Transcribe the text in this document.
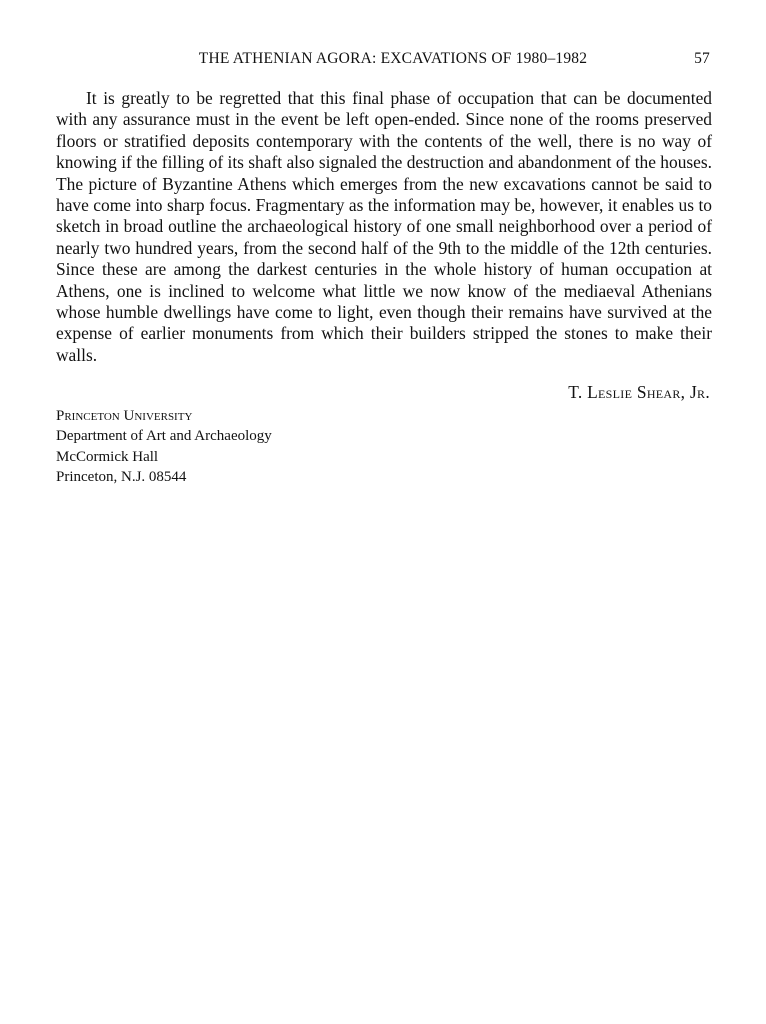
THE ATHENIAN AGORA: EXCAVATIONS OF 1980–1982	57

It is greatly to be regretted that this final phase of occupation that can be documented with any assurance must in the event be left open-ended. Since none of the rooms preserved floors or stratified deposits contemporary with the contents of the well, there is no way of knowing if the filling of its shaft also signaled the destruction and abandonment of the houses. The picture of Byzantine Athens which emerges from the new excavations cannot be said to have come into sharp focus. Fragmentary as the information may be, however, it enables us to sketch in broad outline the archaeological history of one small neighborhood over a period of nearly two hundred years, from the second half of the 9th to the middle of the 12th centuries. Since these are among the darkest centuries in the whole history of human occupation at Athens, one is inclined to welcome what little we now know of the mediaeval Athenians whose humble dwellings have come to light, even though their remains have survived at the expense of earlier monuments from which their builders stripped the stones to make their walls.

T. Leslie Shear, Jr.
Princeton University
Department of Art and Archaeology
McCormick Hall
Princeton, N.J. 08544
